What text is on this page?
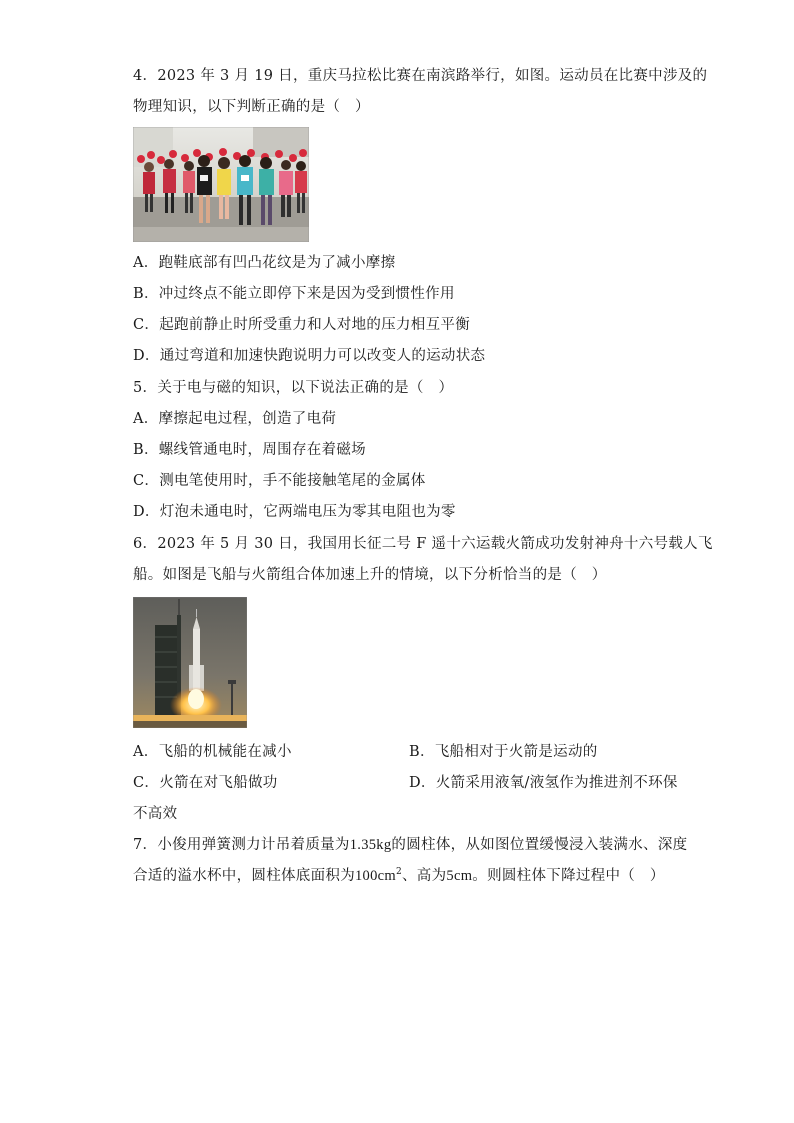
4．2023 年 3 月 19 日，重庆马拉松比赛在南滨路举行，如图。运动员在比赛中涉及的
物理知识，以下判断正确的是（　）
A．跑鞋底部有凹凸花纹是为了减小摩擦
B．冲过终点不能立即停下来是因为受到惯性作用
C．起跑前静止时所受重力和人对地的压力相互平衡
D．通过弯道和加速快跑说明力可以改变人的运动状态
5．关于电与磁的知识，以下说法正确的是（　）
A．摩擦起电过程，创造了电荷
B．螺线管通电时，周围存在着磁场
C．测电笔使用时，手不能接触笔尾的金属体
D．灯泡未通电时，它两端电压为零其电阻也为零
6．2023 年 5 月 30 日，我国用长征二号 F 遥十六运载火箭成功发射神舟十六号载人飞
船。如图是飞船与火箭组合体加速上升的情境，以下分析恰当的是（　）
A．飞船的机械能在减小	B．飞船相对于火箭是运动的
C．火箭在对飞船做功	D．火箭采用液氧/液氢作为推进剂不环保
不高效
7．小俊用弹簧测力计吊着质量为1.35kg的圆柱体，从如图位置缓慢浸入装满水、深度
合适的溢水杯中，圆柱体底面积为$100cm^2$、高为5cm。则圆柱体下降过程中（　）
